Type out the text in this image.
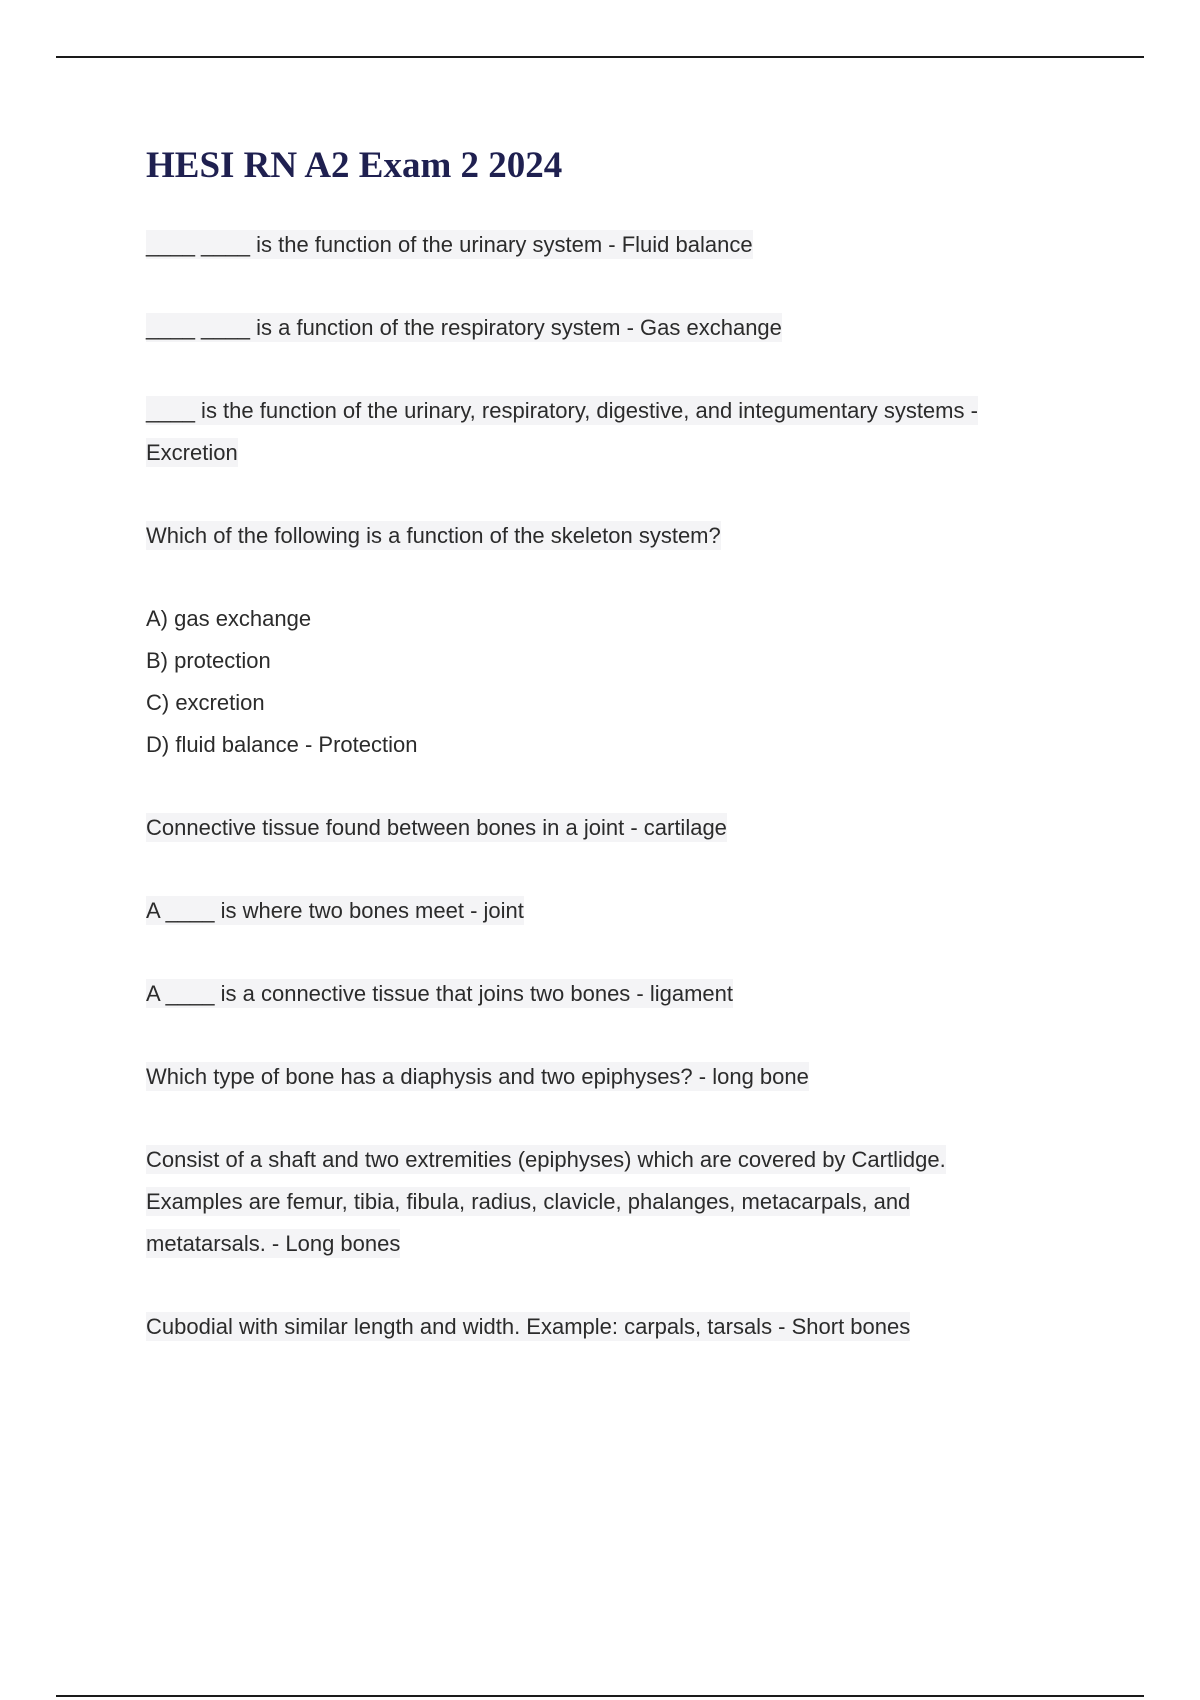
HESI RN A2 Exam 2 2024

____ ____ is the function of the urinary system - Fluid balance

____ ____ is a function of the respiratory system - Gas exchange

____ is the function of the urinary, respiratory, digestive, and integumentary systems -
Excretion

Which of the following is a function of the skeleton system?

A) gas exchange
B) protection
C) excretion
D) fluid balance - Protection

Connective tissue found between bones in a joint - cartilage

A ____ is where two bones meet - joint

A ____ is a connective tissue that joins two bones - ligament

Which type of bone has a diaphysis and two epiphyses? - long bone

Consist of a shaft and two extremities (epiphyses) which are covered by Cartlidge.
Examples are femur, tibia, fibula, radius, clavicle, phalanges, metacarpals, and
metatarsals. - Long bones

Cubodial with similar length and width. Example: carpals, tarsals - Short bones
